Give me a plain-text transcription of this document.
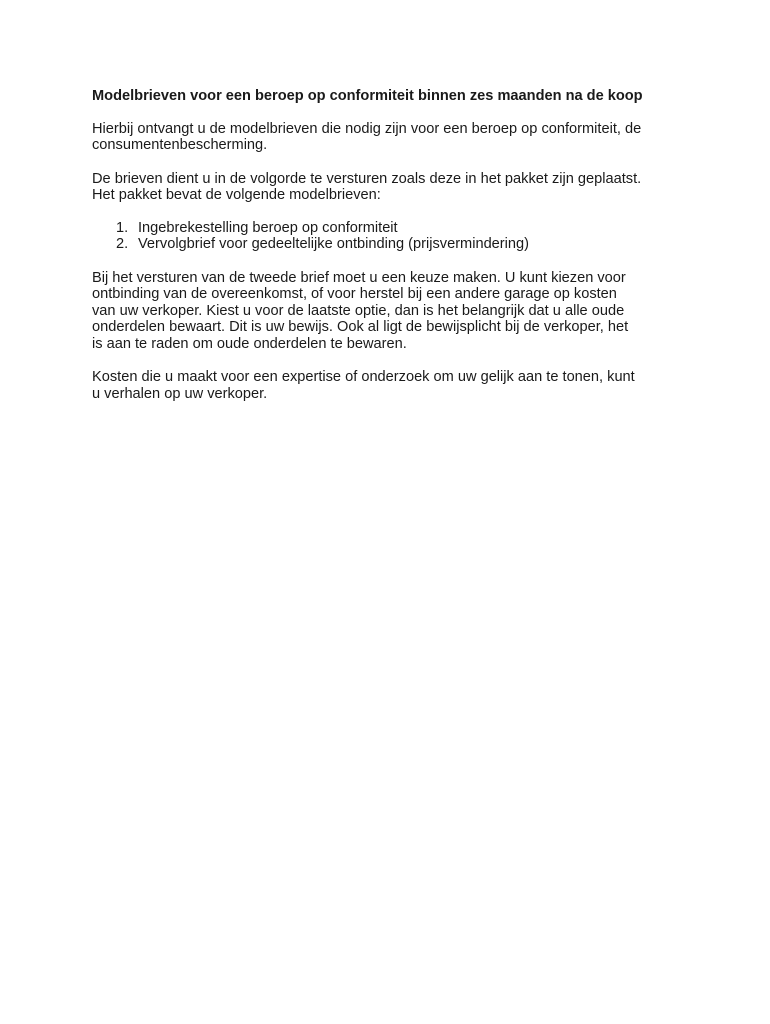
Modelbrieven voor een beroep op conformiteit binnen zes maanden na de koop

Hierbij ontvangt u de modelbrieven die nodig zijn voor een beroep op conformiteit, de
consumentenbescherming.

De brieven dient u in de volgorde te versturen zoals deze in het pakket zijn geplaatst.
Het pakket bevat de volgende modelbrieven:

1. Ingebrekestelling beroep op conformiteit
2. Vervolgbrief voor gedeeltelijke ontbinding (prijsvermindering)

Bij het versturen van de tweede brief moet u een keuze maken. U kunt kiezen voor
ontbinding van de overeenkomst, of voor herstel bij een andere garage op kosten
van uw verkoper. Kiest u voor de laatste optie, dan is het belangrijk dat u alle oude
onderdelen bewaart. Dit is uw bewijs. Ook al ligt de bewijsplicht bij de verkoper, het
is aan te raden om oude onderdelen te bewaren.

Kosten die u maakt voor een expertise of onderzoek om uw gelijk aan te tonen, kunt
u verhalen op uw verkoper.
